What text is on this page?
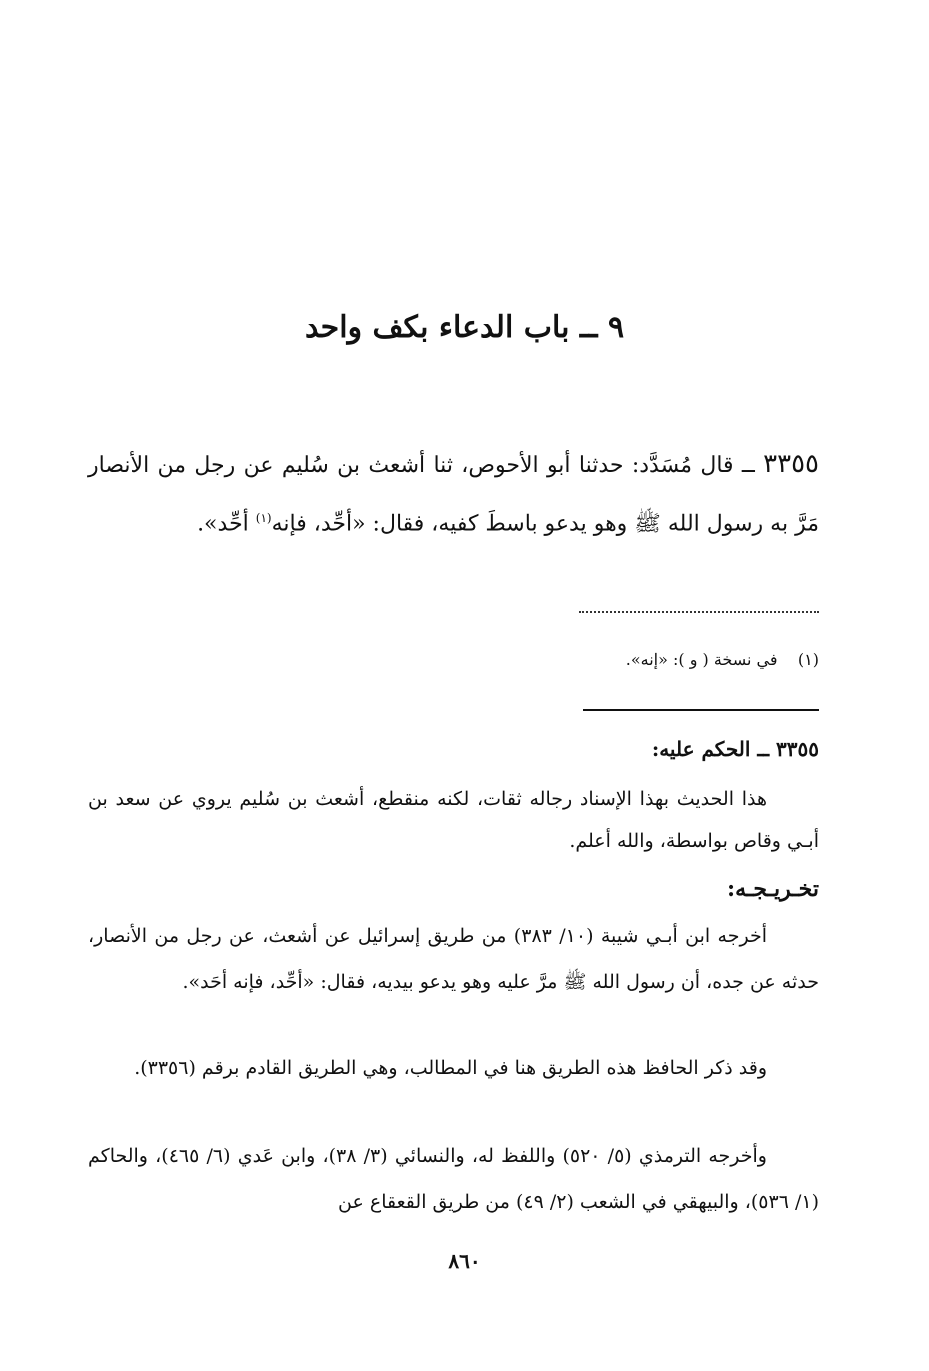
٩ ــ باب الدعاء بكف واحد
٣٣٥٥ ــ قال مُسَدَّد: حدثنا أبو الأحوص، ثنا أشعث بن سُليم عن رجل من الأنصار مَرَّ به رسول الله ﷺ وهو يدعو باسطَ كفيه، فقال: «أحِّد، فإنه$^{(١)}$ أحِّد».
(١)    في نسخة ( و ): «إنه».
٣٣٥٥ ــ الحكم عليه:
هذا الحديث بهذا الإسناد رجاله ثقات، لكنه منقطع، أشعث بن سُليم يروي عن سعد بن أبـي وقاص بواسطة، والله أعلم.
تخـريـجـه:
أخرجه ابن أبـي شيبة (١٠/ ٣٨٣) من طريق إسرائيل عن أشعث، عن رجل من الأنصار، حدثه عن جده، أن رسول الله ﷺ مرَّ عليه وهو يدعو بيديه، فقال: «أحِّد، فإنه أحَد».
وقد ذكر الحافظ هذه الطريق هنا في المطالب، وهي الطريق القادم برقم (٣٣٥٦).
وأخرجه الترمذي (٥/ ٥٢٠) واللفظ له، والنسائي (٣/ ٣٨)، وابن عَدي (٦/ ٤٦٥)، والحاكم (١/ ٥٣٦)، والبيهقي في الشعب (٢/ ٤٩) من طريق القعقاع عن
٨٦٠
